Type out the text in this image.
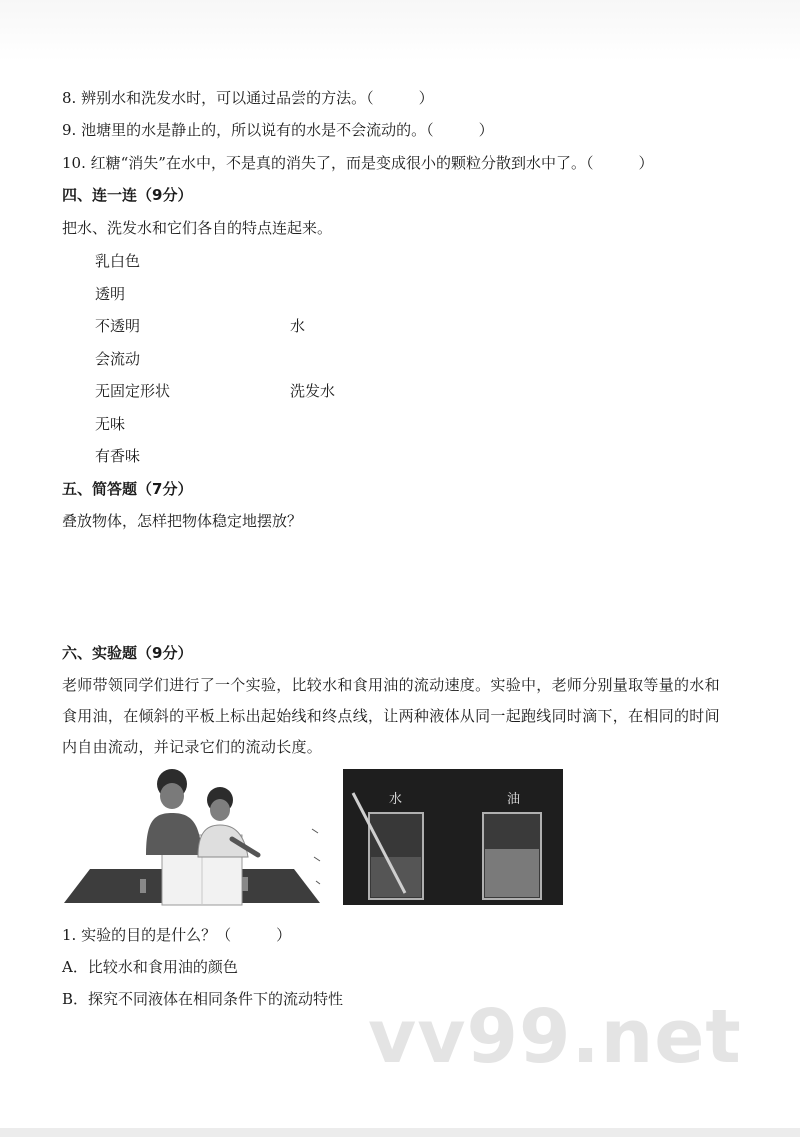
8. 辨别水和洗发水时，可以通过品尝的方法。（　　　）
9. 池塘里的水是静止的，所以说有的水是不会流动的。（　　　）
10. 红糖“消失”在水中，不是真的消失了，而是变成很小的颗粒分散到水中了。（　　　）
四、连一连（9分）
把水、洗发水和它们各自的特点连起来。
乳白色
透明
不透明
会流动
无固定形状
无味
有香味
水
洗发水
五、简答题（7分）
叠放物体，怎样把物体稳定地摆放？
六、实验题（9分）

老师带领同学们进行了一个实验，比较水和食用油的流动速度。实验中，老师分别量取等量的水和食用油，在倾斜的平板上标出起始线和终点线，让两种液体从同一起跑线同时滴下，在相同的时间内自由流动，并记录它们的流动长度。

水	油
1. 实验的目的是什么？（　　　）
A．比较水和食用油的颜色
B．探究不同液体在相同条件下的流动特性 vv99.net
